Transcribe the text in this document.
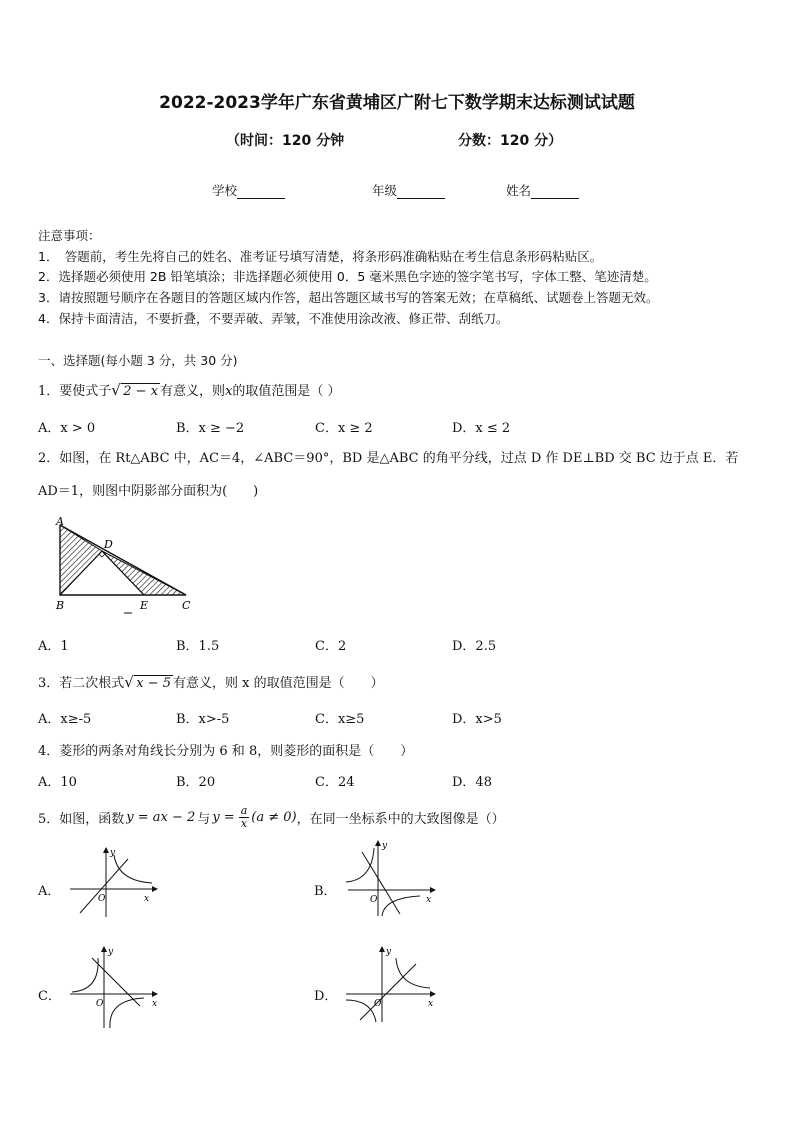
2022-2023学年广东省黄埔区广附七下数学期末达标测试试题
（时间：120 分钟	分数：120 分）
学校	年级	姓名
注意事项：
1．　答题前，考生先将自己的姓名、准考证号填写清楚，将条形码准确粘贴在考生信息条形码粘贴区。
2．选择题必须使用 2B 铅笔填涂；非选择题必须使用 0．5 毫米黑色字迹的签字笔书写，字体工整、笔迹清楚。
3．请按照题号顺序在各题目的答题区域内作答，超出答题区域书写的答案无效；在草稿纸、试题卷上答题无效。
4．保持卡面清洁，不要折叠，不要弄破、弄皱，不准使用涂改液、修正带、刮纸刀。
一、选择题(每小题 3 分，共 30 分)
1．要使式子 √ 2 − x 有意义，则x的取值范围是（ ）
A．x > 0	B．x ≥ −2	C．x ≥ 2	D．x ≤ 2
2．如图，在 Rt△ABC 中，AC＝4，∠ABC＝90°，BD 是△ABC 的角平分线，过点 D 作 DE⊥BD 交 BC 边于点 E．若
AD＝1，则图中阴影部分面积为(　　)
A
D
B	E	C
A．1	B．1.5	C．2	D．2.5
3．若二次根式 √ x − 5 有意义，则 x 的取值范围是（　　）
A．x≥-5	B．x>-5	C．x≥5	D．x>5
4．菱形的两条对角线长分别为 6 和 8，则菱形的面积是（　　）
A．10	B．20	C．24	D．48
5．如图，函数 y = ax − 2 与 $y = \frac{a}{x} (a \ne 0)$ ，在同一坐标系中的大致图像是（）
A．	B．
C．	D．
y
x
O
y
x
O
y
x
O
y
x
O
